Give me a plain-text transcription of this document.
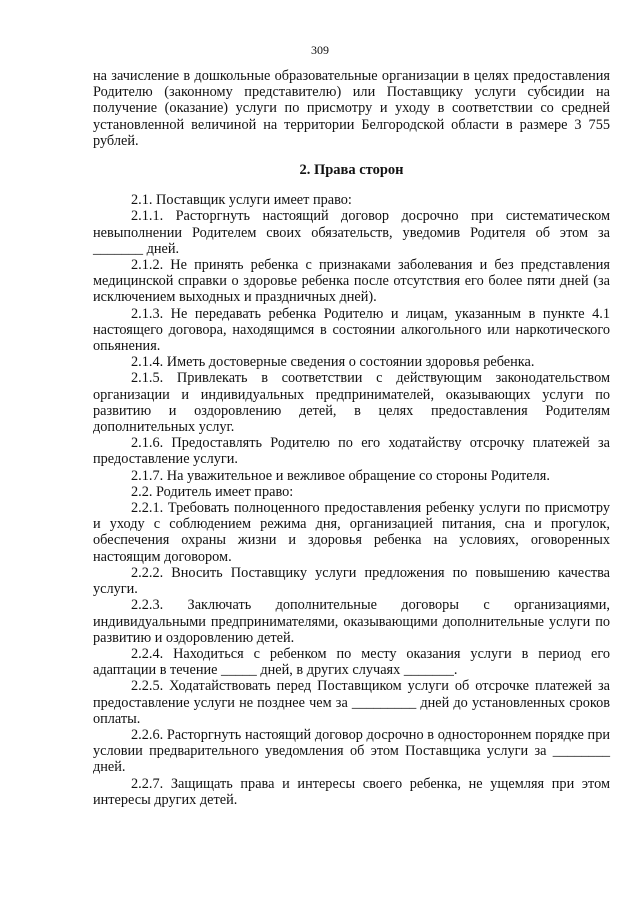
309

на зачисление в дошкольные образовательные организации в целях предоставления Родителю (законному представителю) или Поставщику услуги субсидии на получение (оказание) услуги по присмотру и уходу в соответствии со средней установленной величиной на территории Белгородской области в размере 3 755 рублей.

2. Права сторон

2.1. Поставщик услуги имеет право:

2.1.1. Расторгнуть настоящий договор досрочно при систематическом невыполнении Родителем своих обязательств, уведомив Родителя об этом за _______ дней.

2.1.2. Не принять ребенка с признаками заболевания и без представления медицинской справки о здоровье ребенка после отсутствия его более пяти дней (за исключением выходных и праздничных дней).

2.1.3. Не передавать ребенка Родителю и лицам, указанным в пункте 4.1 настоящего договора, находящимся в состоянии алкогольного или наркотического опьянения.

2.1.4. Иметь достоверные сведения о состоянии здоровья ребенка.

2.1.5. Привлекать в соответствии с действующим законодательством организации и индивидуальных предпринимателей, оказывающих услуги по развитию и оздоровлению детей, в целях предоставления Родителям дополнительных услуг.

2.1.6. Предоставлять Родителю по его ходатайству отсрочку платежей за предоставление услуги.

2.1.7. На уважительное и вежливое обращение со стороны Родителя.

2.2. Родитель имеет право:

2.2.1. Требовать полноценного предоставления ребенку услуги по присмотру и уходу с соблюдением режима дня, организацией питания, сна и прогулок, обеспечения охраны жизни и здоровья ребенка на условиях, оговоренных настоящим договором.

2.2.2. Вносить Поставщику услуги предложения по повышению качества услуги.

2.2.3. Заключать дополнительные договоры с организациями, индивидуальными предпринимателями, оказывающими дополнительные услуги по развитию и оздоровлению детей.

2.2.4. Находиться с ребенком по месту оказания услуги в период его адаптации в течение _____ дней, в других случаях _______.

2.2.5. Ходатайствовать перед Поставщиком услуги об отсрочке платежей за предоставление услуги не позднее чем за _________ дней до установленных сроков оплаты.

2.2.6. Расторгнуть настоящий договор досрочно в одностороннем порядке при условии предварительного уведомления об этом Поставщика услуги за ________ дней.

2.2.7. Защищать права и интересы своего ребенка, не ущемляя при этом интересы других детей.
